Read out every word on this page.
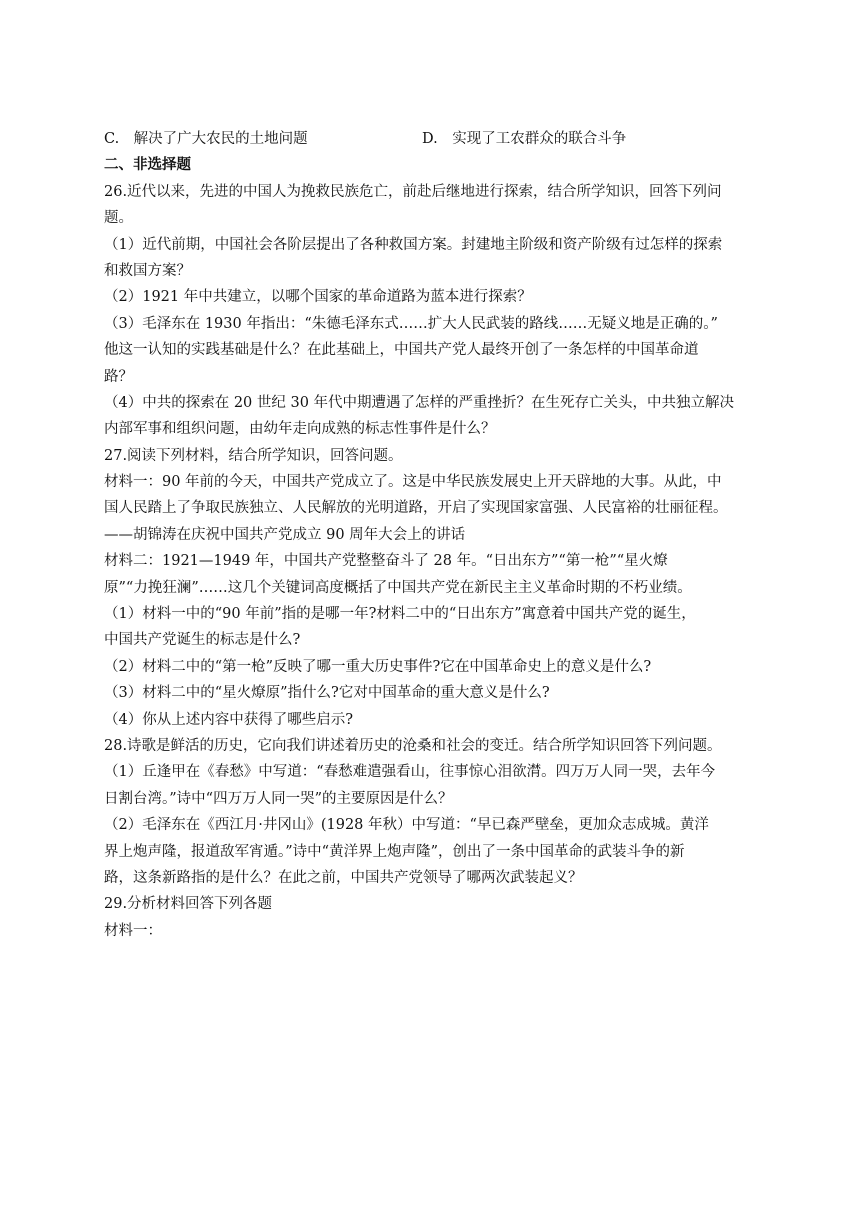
C.　解决了广大农民的土地问题	D.　实现了工农群众的联合斗争
二、非选择题
26.近代以来，先进的中国人为挽救民族危亡，前赴后继地进行探索，结合所学知识，回答下列问
题。
（1）近代前期，中国社会各阶层提出了各种救国方案。封建地主阶级和资产阶级有过怎样的探索
和救国方案？
（2）1921 年中共建立，以哪个国家的革命道路为蓝本进行探索？
（3）毛泽东在 1930 年指出：“朱德毛泽东式……扩大人民武装的路线……无疑义地是正确的。”
他这一认知的实践基础是什么？在此基础上，中国共产党人最终开创了一条怎样的中国革命道
路？
（4）中共的探索在 20 世纪 30 年代中期遭遇了怎样的严重挫折？在生死存亡关头，中共独立解决
内部军事和组织问题，由幼年走向成熟的标志性事件是什么？
27.阅读下列材料，结合所学知识，回答问题。
材料一：90 年前的今天，中国共产党成立了。这是中华民族发展史上开天辟地的大事。从此，中
国人民踏上了争取民族独立、人民解放的光明道路，开启了实现国家富强、人民富裕的壮丽征程。
——胡锦涛在庆祝中国共产党成立 90 周年大会上的讲话
材料二：1921—1949 年，中国共产党整整奋斗了 28 年。“日出东方”“第一枪”“星火燎
原”“力挽狂澜”……这几个关键词高度概括了中国共产党在新民主主义革命时期的不朽业绩。
（1）材料一中的“90 年前”指的是哪一年?材料二中的“日出东方”寓意着中国共产党的诞生，
中国共产党诞生的标志是什么?
（2）材料二中的“第一枪”反映了哪一重大历史事件?它在中国革命史上的意义是什么?
（3）材料二中的“星火燎原”指什么?它对中国革命的重大意义是什么?
（4）你从上述内容中获得了哪些启示?
28.诗歌是鲜活的历史，它向我们讲述着历史的沧桑和社会的变迁。结合所学知识回答下列问题。
（1）丘逢甲在《春愁》中写道：“春愁难遣强看山，往事惊心泪欲潸。四万万人同一哭，去年今
日割台湾。”诗中“四万万人同一哭”的主要原因是什么？
（2）毛泽东在《西江月·井冈山》(1928 年秋）中写道：“早已森严壁垒，更加众志成城。黄洋
界上炮声隆，报道敌军宵遁。”诗中“黄洋界上炮声隆”，创出了一条中国革命的武装斗争的新
路，这条新路指的是什么？在此之前，中国共产党领导了哪两次武装起义？
29.分析材料回答下列各题
材料一：
